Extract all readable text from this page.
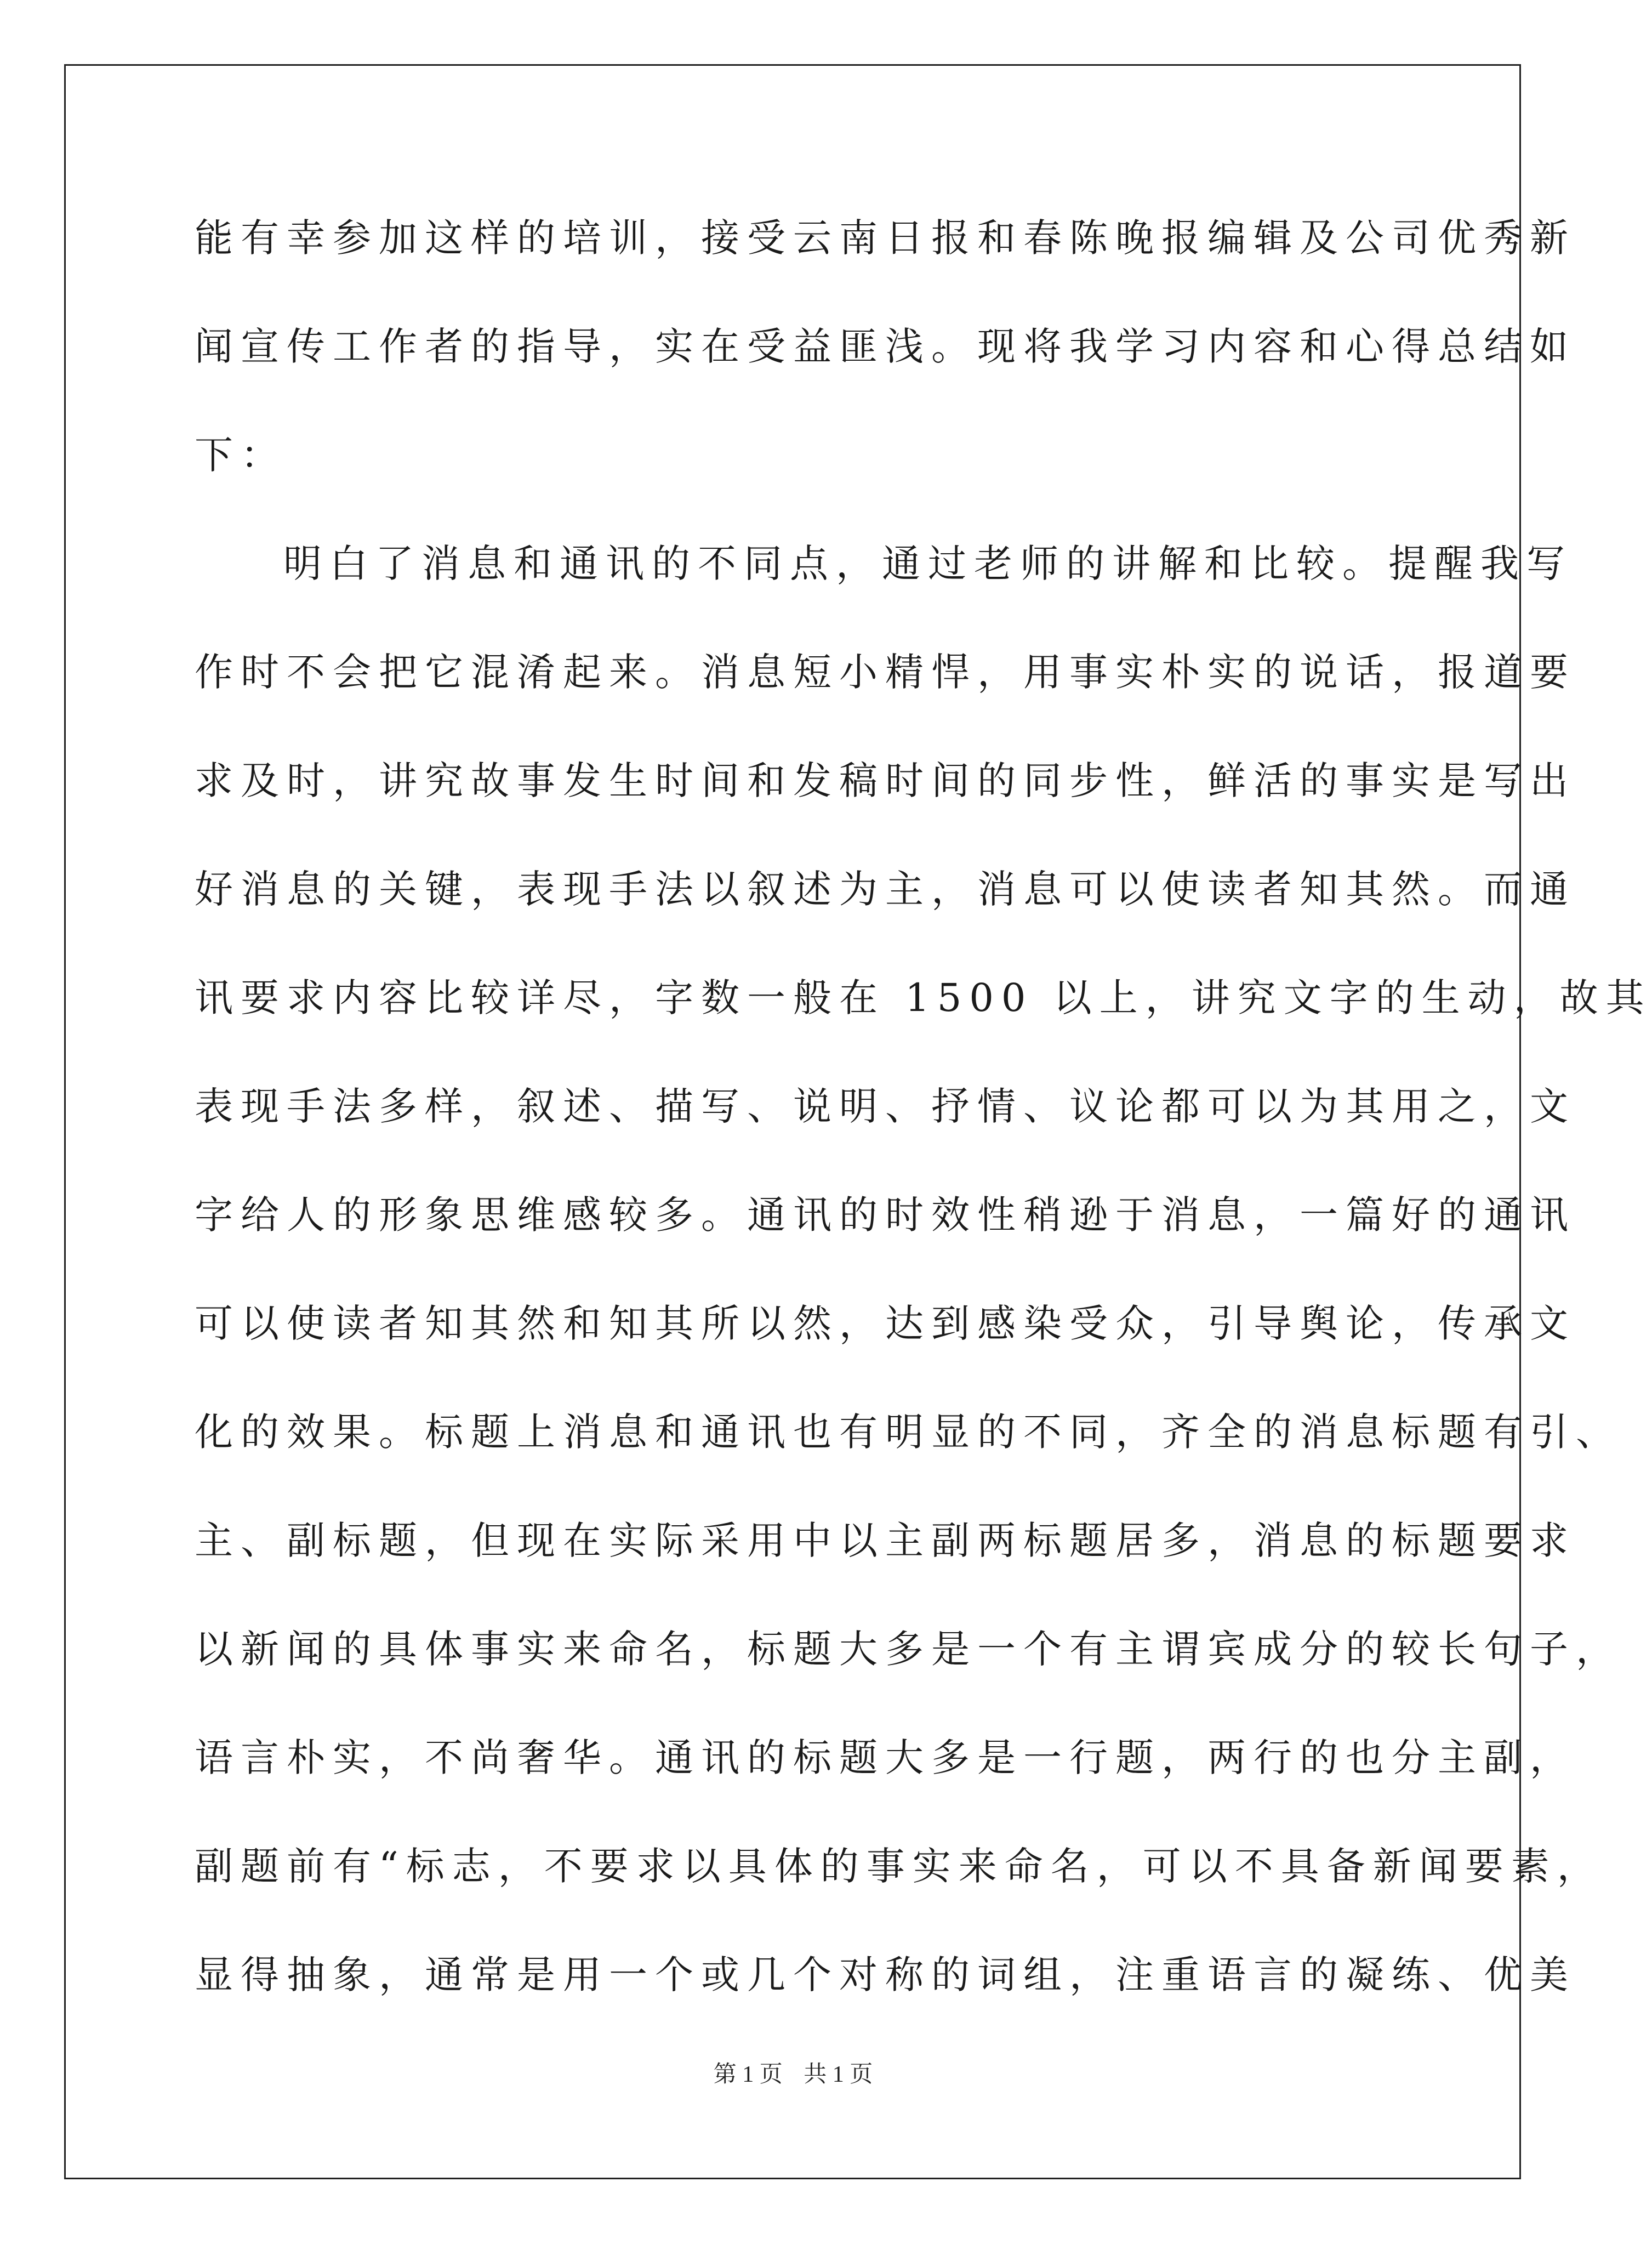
能有幸参加这样的培训，接受云南日报和春陈晚报编辑及公司优秀新
闻宣传工作者的指导，实在受益匪浅。现将我学习内容和心得总结如
下：
明白了消息和通讯的不同点，通过老师的讲解和比较。提醒我写
作时不会把它混淆起来。消息短小精悍，用事实朴实的说话，报道要
求及时，讲究故事发生时间和发稿时间的同步性，鲜活的事实是写出
好消息的关键，表现手法以叙述为主，消息可以使读者知其然。而通
讯要求内容比较详尽，字数一般在 1500 以上，讲究文字的生动，故其
表现手法多样，叙述、描写、说明、抒情、议论都可以为其用之，文
字给人的形象思维感较多。通讯的时效性稍逊于消息，一篇好的通讯
可以使读者知其然和知其所以然，达到感染受众，引导舆论，传承文
化的效果。标题上消息和通讯也有明显的不同，齐全的消息标题有引、
主、副标题，但现在实际采用中以主副两标题居多，消息的标题要求
以新闻的具体事实来命名，标题大多是一个有主谓宾成分的较长句子，
语言朴实，不尚奢华。通讯的标题大多是一行题，两行的也分主副，
副题前有“标志，不要求以具体的事实来命名，可以不具备新闻要素，
显得抽象，通常是用一个或几个对称的词组，注重语言的凝练、优美
第 1 页 共 1 页
